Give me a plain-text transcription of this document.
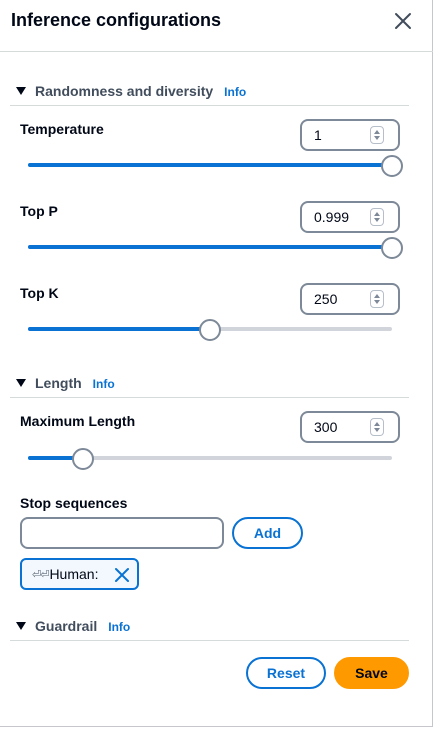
Inference configurations
Randomness and diversity Info
Temperature	1
Top P	0.999
Top K	250
Length Info
Maximum Length	300
Stop sequences
Add
⏎⏎ Human:
Guardrail Info
Reset	Save
